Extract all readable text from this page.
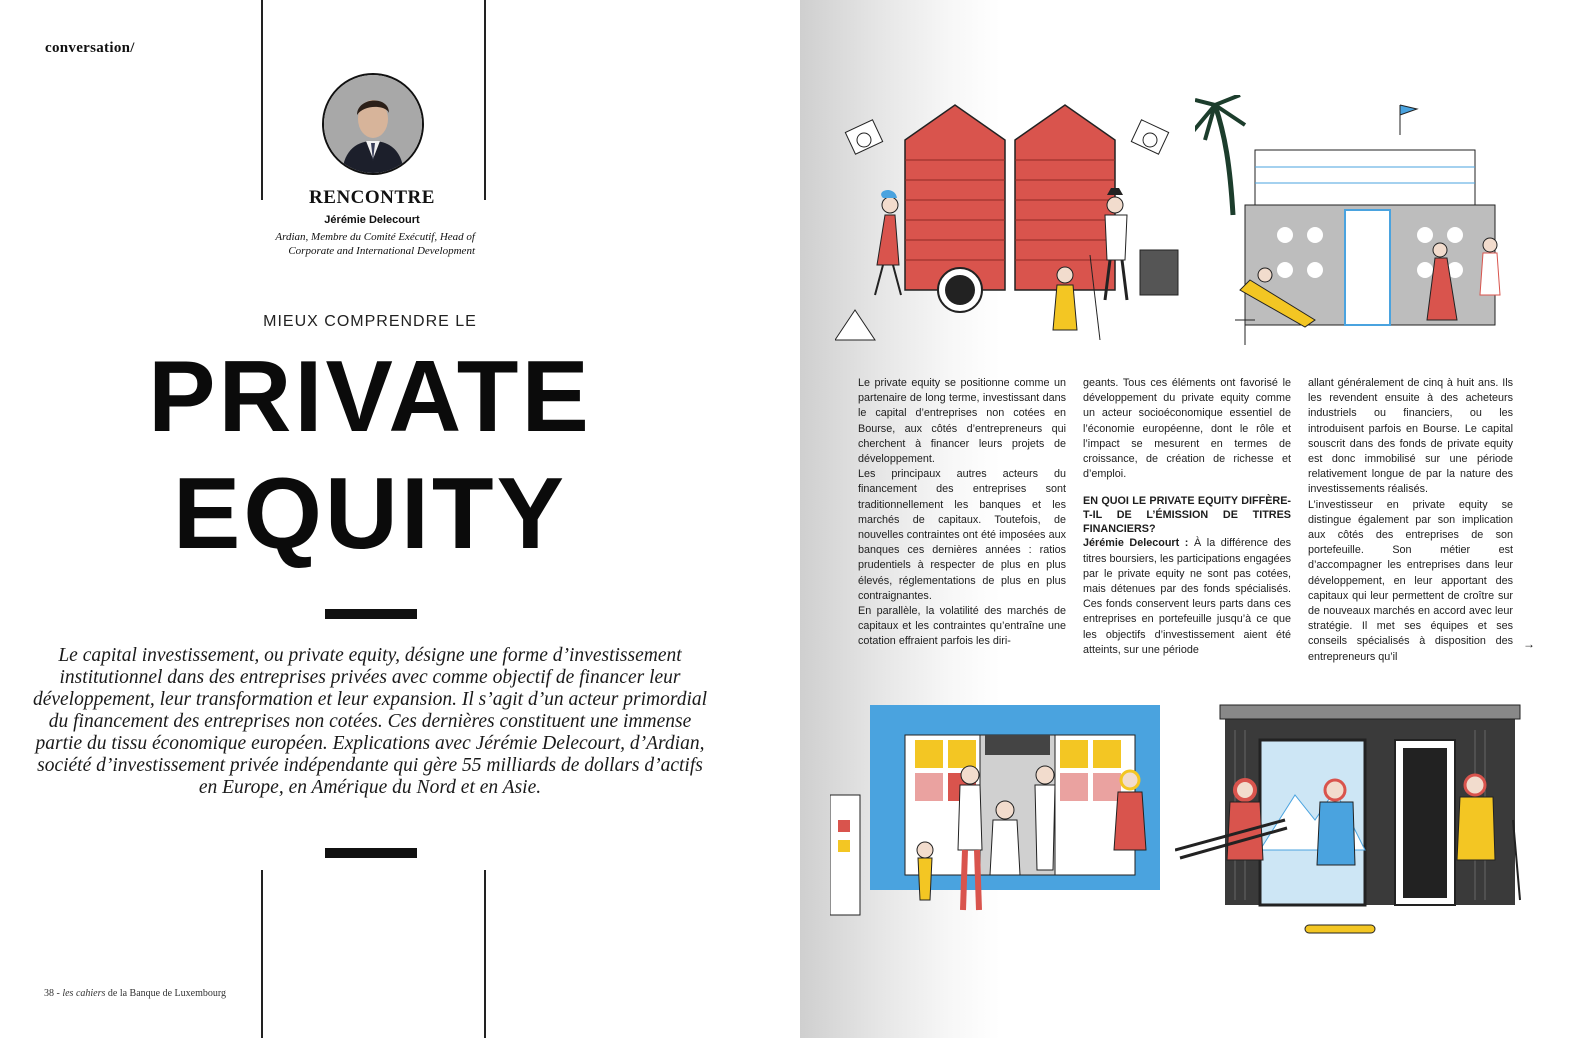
conversation/
RENCONTRE
Jérémie Delecourt
Ardian, Membre du Comité Exécutif, Head of Corporate and International Development
MIEUX COMPRENDRE LE
PRIVATE
EQUITY
Le capital investissement, ou private equity, désigne une forme d’investissement institutionnel dans des entreprises privées avec comme objectif de financer leur développement, leur transformation et leur expansion. Il s’agit d’un acteur primordial du financement des entreprises non cotées. Ces dernières constituent une immense partie du tissu économique européen. Explications avec Jérémie Delecourt, d’Ardian, société d’investissement privée indépendante qui gère 55 milliards de dollars d’actifs en Europe, en Amérique du Nord et en Asie.
38 - les cahiers de la Banque de Luxembourg

Le private equity se positionne comme un partenaire de long terme, investissant dans le capital d’entreprises non cotées en Bourse, aux côtés d’entrepreneurs qui cherchent à financer leurs projets de développement.

Les principaux autres acteurs du financement des entreprises sont traditionnellement les banques et les marchés de capitaux. Toutefois, de nouvelles contraintes ont été imposées aux banques ces dernières années : ratios prudentiels à respecter de plus en plus élevés, réglementations de plus en plus contraignantes.

En parallèle, la volatilité des marchés de capitaux et les contraintes qu’entraîne une cotation effraient parfois les diri-

geants. Tous ces éléments ont favorisé le développement du private equity comme un acteur socioéconomique essentiel de l’économie européenne, dont le rôle et l’impact se mesurent en termes de croissance, de création de richesse et d’emploi.

EN QUOI LE PRIVATE EQUITY DIFFÈRE-T-IL DE L’ÉMISSION DE TITRES FINANCIERS?

Jérémie Delecourt : À la différence des titres boursiers, les participations engagées par le private equity ne sont pas cotées, mais détenues par des fonds spécialisés. Ces fonds conservent leurs parts dans ces entreprises en portefeuille jusqu’à ce que les objectifs d’investissement aient été atteints, sur une période

allant généralement de cinq à huit ans. Ils les revendent ensuite à des acheteurs industriels ou financiers, ou les introduisent parfois en Bourse. Le capital souscrit dans des fonds de private equity est donc immobilisé sur une période relativement longue de par la nature des investissements réalisés.

L’investisseur en private equity se distingue également par son implication aux côtés des entreprises de son portefeuille. Son métier est d’accompagner les entreprises dans leur développement, en leur apportant des capitaux qui leur permettent de croître sur de nouveaux marchés en accord avec leur stratégie. Il met ses équipes et ses conseils spécialisés à disposition des entrepreneurs qu’il

→
